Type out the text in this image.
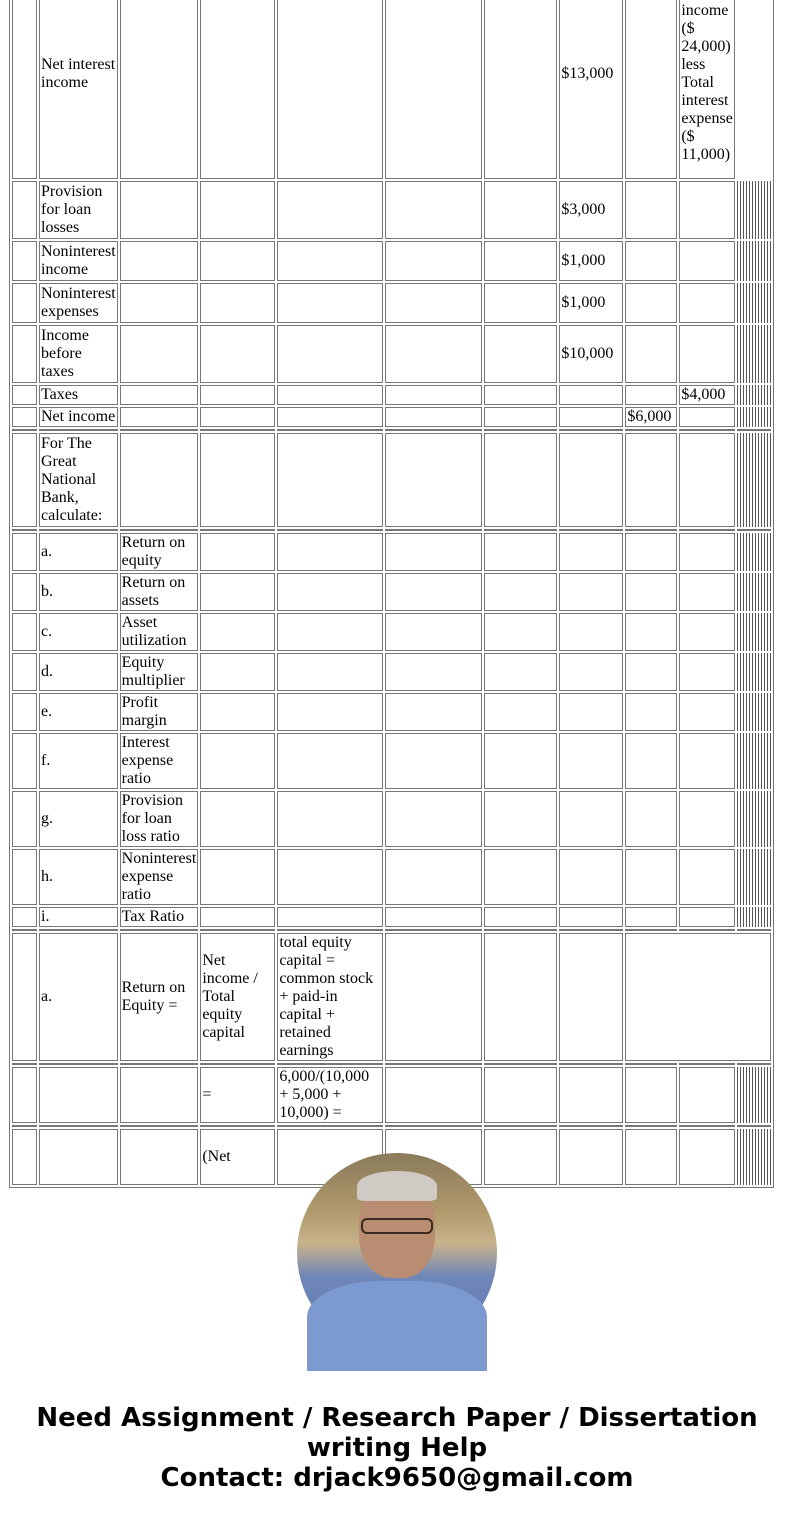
	Net interest income						$13,000		income ($ 24,000) less Total interest expense ($ 11,000)	
	Provision for loan losses						$3,000			
	Noninterest income						$1,000			
	Noninterest expenses						$1,000			
	Income before taxes						$10,000			
	Taxes								$4,000	
	Net income							$6,000		

	For The Great National Bank, calculate:									

	a.	Return on equity								
	b.	Return on assets								
	c.	Asset utilization								
	d.	Equity multiplier								
	e.	Profit margin								
	f.	Interest expense ratio								
	g.	Provision for loan loss ratio								
	h.	Noninterest expense ratio								
	i.	Tax Ratio								

	a.	Return on Equity =	Net income / Total equity capital	total equity capital = common stock + paid-in capital + retained earnings						

			=	6,000/(10,000 + 5,000 + 10,000) =						

			(Net							
Need Assignment / Research Paper / Dissertation writing Help
Contact: drjack9650@gmail.com
